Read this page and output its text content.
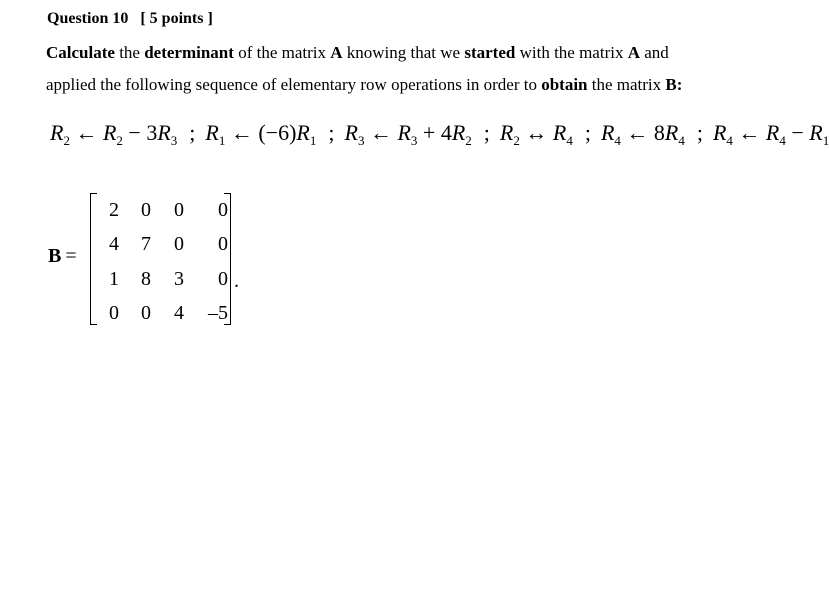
Question 10   [ 5 points ]
Calculate the determinant of the matrix A knowing that we started with the matrix A and
applied the following sequence of elementary row operations in order to obtain the matrix B:
$R_2$ ← $R_2 - 3R_3$ ; $R_1$ ← $(-6)R_1$ ; $R_3$ ← $R_3 + 4R_2$ ; $R_2$ ↔ $R_4$ ; $R_4$ ← $8R_4$ ; $R_4$ ← $R_4 - R_1$
B =
2	0	0	0
4	7	0	0
1	8	3	0
0	0	4	–5
.
